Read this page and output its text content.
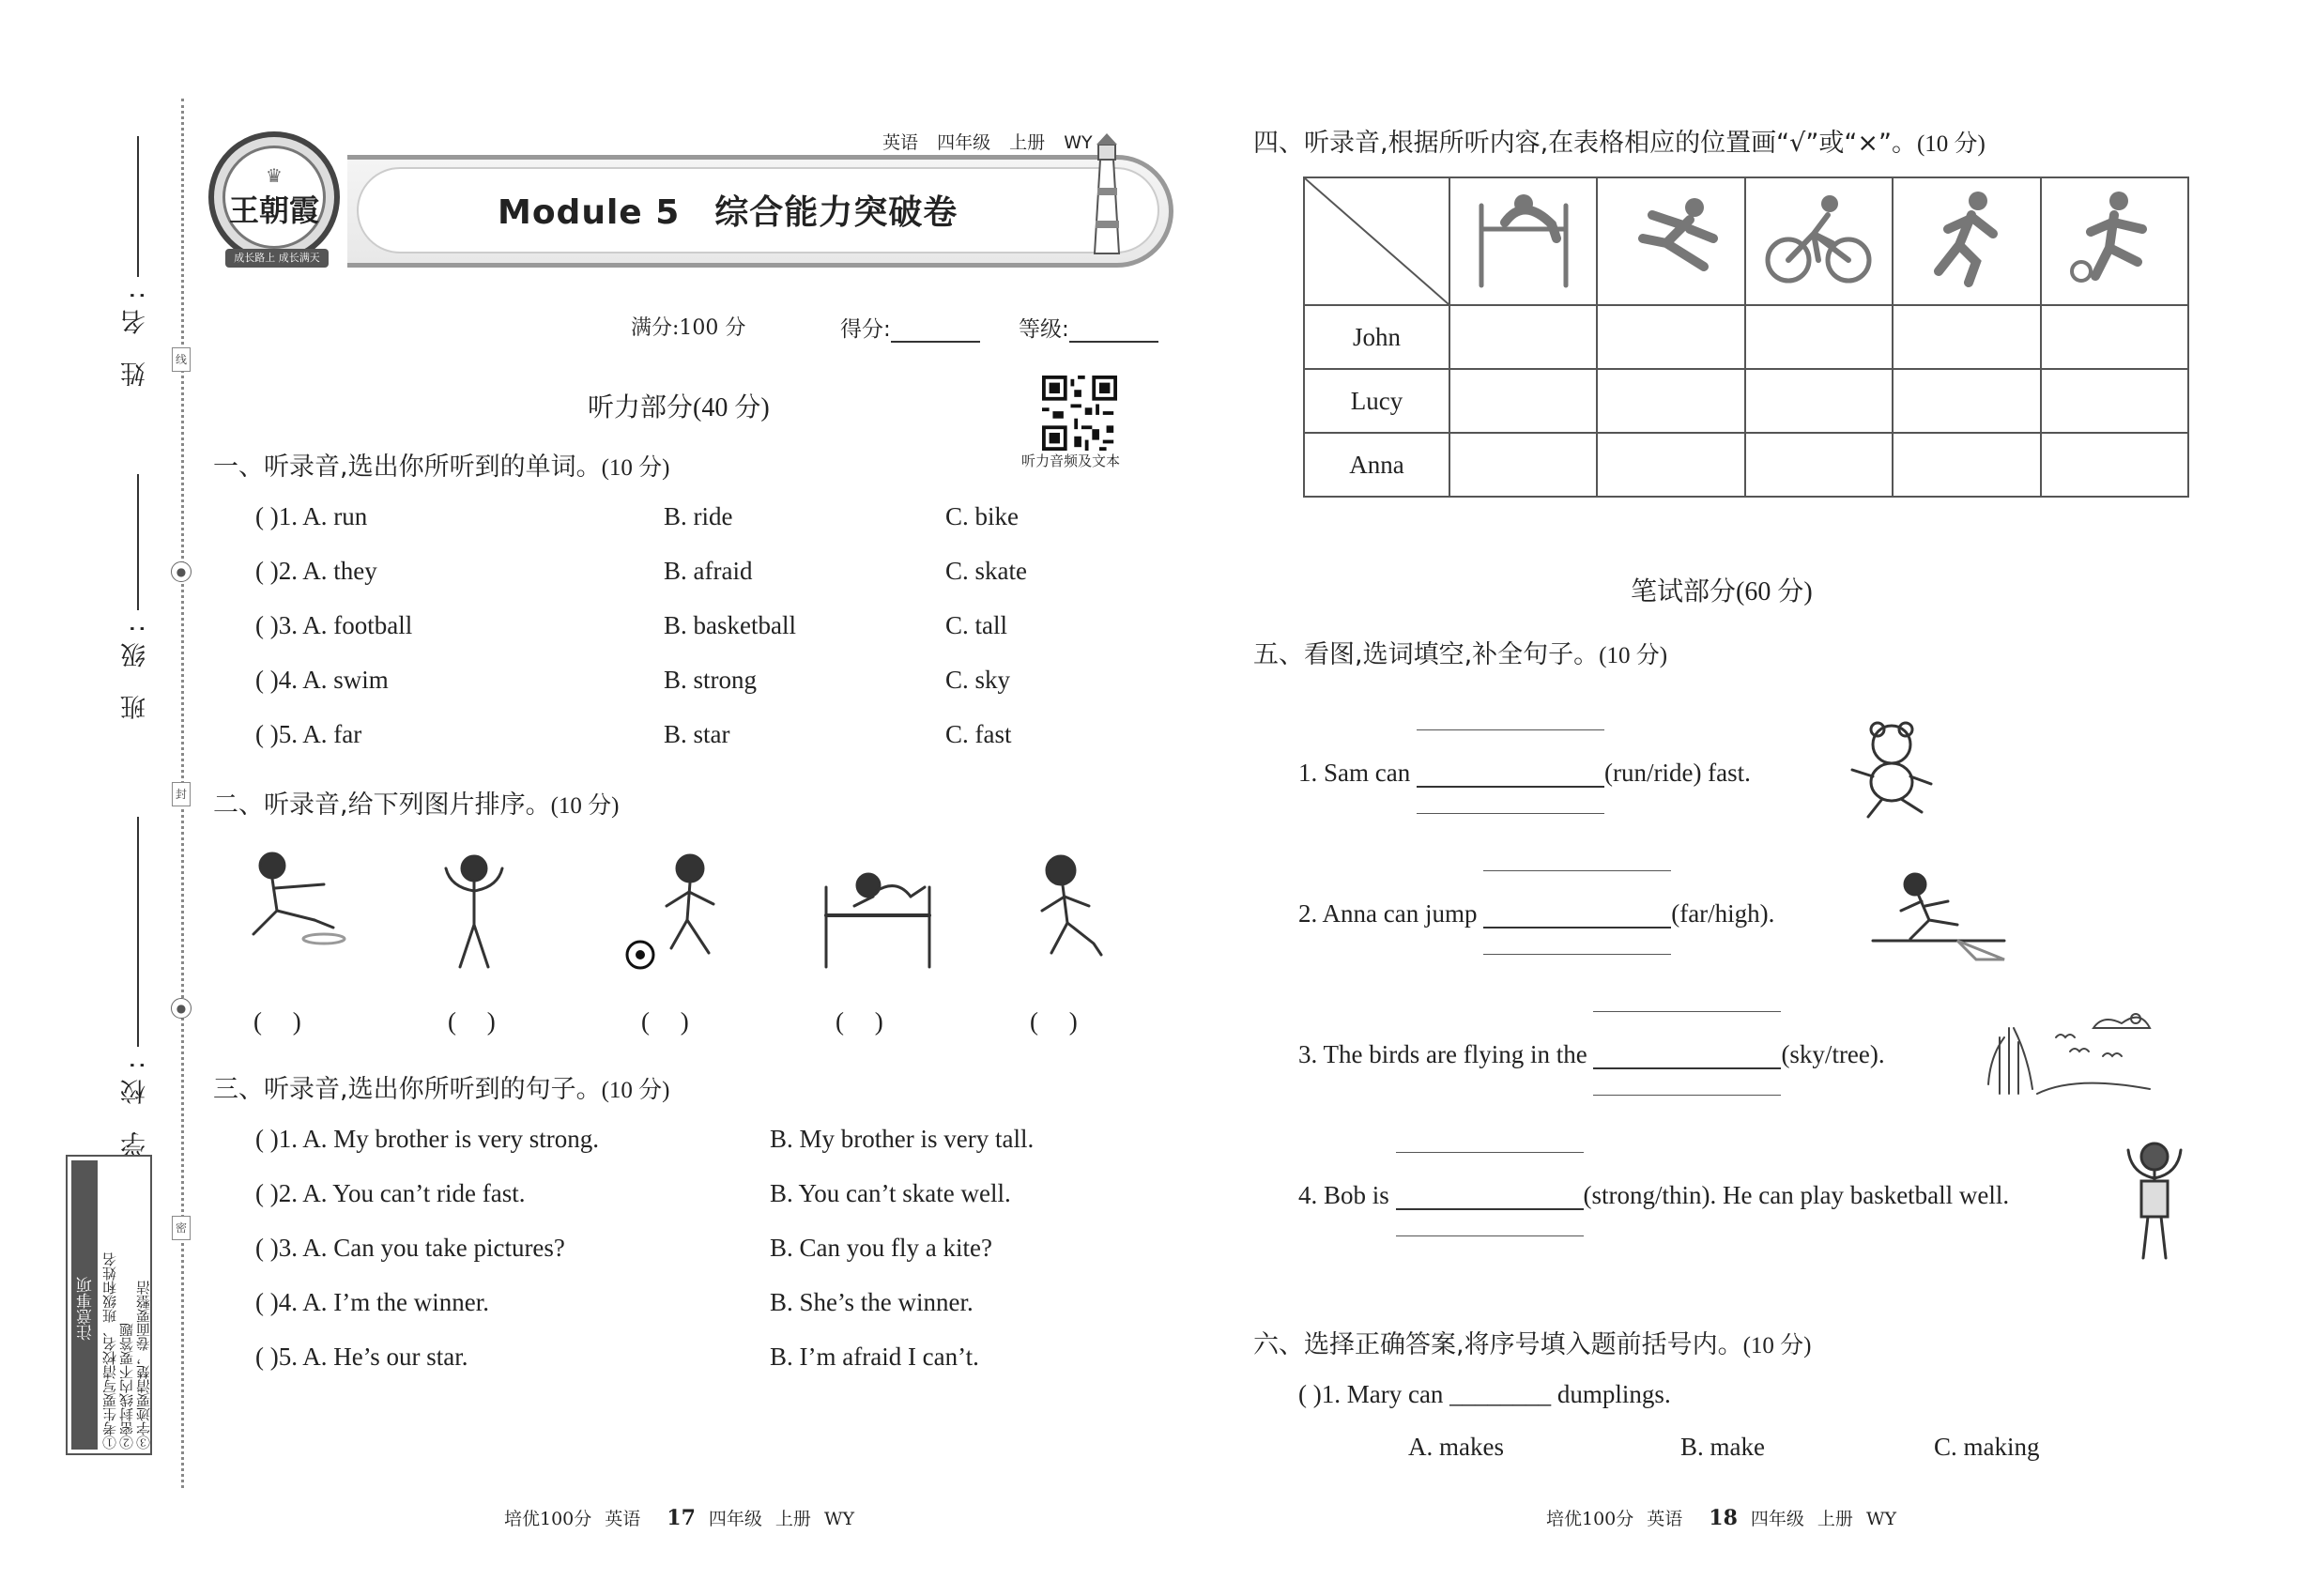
姓 名:
班 级:
学 校:
线
●
封
●
密
注意事项 ①考生要写清校名、班级和姓名 ②密封线内不要答题 ③字迹要清楚，卷面要整洁
♛
王朝霞
成长路上 成长满天
英语 四年级 上册 WY
Module 5　综合能力突破卷
满分:100 分	得分:	等级:
听力音频及文本
听力部分(40 分)
一、听录音,选出你所听到的单词。(10 分)
( )1. A. run	B. ride	C. bike
( )2. A. they	B. afraid	C. skate
( )3. A. football	B. basketball	C. tall
( )4. A. swim	B. strong	C. sky
( )5. A. far	B. star	C. fast
二、听录音,给下列图片排序。(10 分)
( )	( )	( )	( )	( )
三、听录音,选出你所听到的句子。(10 分)
( )1. A. My brother is very strong.	B. My brother is very tall.
( )2. A. You can’t ride fast.	B. You can’t skate well.
( )3. A. Can you take pictures?	B. Can you fly a kite?
( )4. A. I’m the winner.	B. She’s the winner.
( )5. A. He’s our star.	B. I’m afraid I can’t.
培优100分 英语 17 四年级 上册 WY
四、听录音,根据所听内容,在表格相应的位置画“√”或“×”。(10 分)

John					
Lucy					
Anna					
笔试部分(60 分)
五、看图,选词填空,补全句子。(10 分)
1. Sam can	(run/ride) fast.
2. Anna can jump	(far/high).
3. The birds are flying in the	(sky/tree).
4. Bob is	(strong/thin). He can play basketball well.
六、选择正确答案,将序号填入题前括号内。(10 分)
( )1. Mary can ________ dumplings.
A. makes	B. make	C. making
培优100分 英语 18 四年级 上册 WY
